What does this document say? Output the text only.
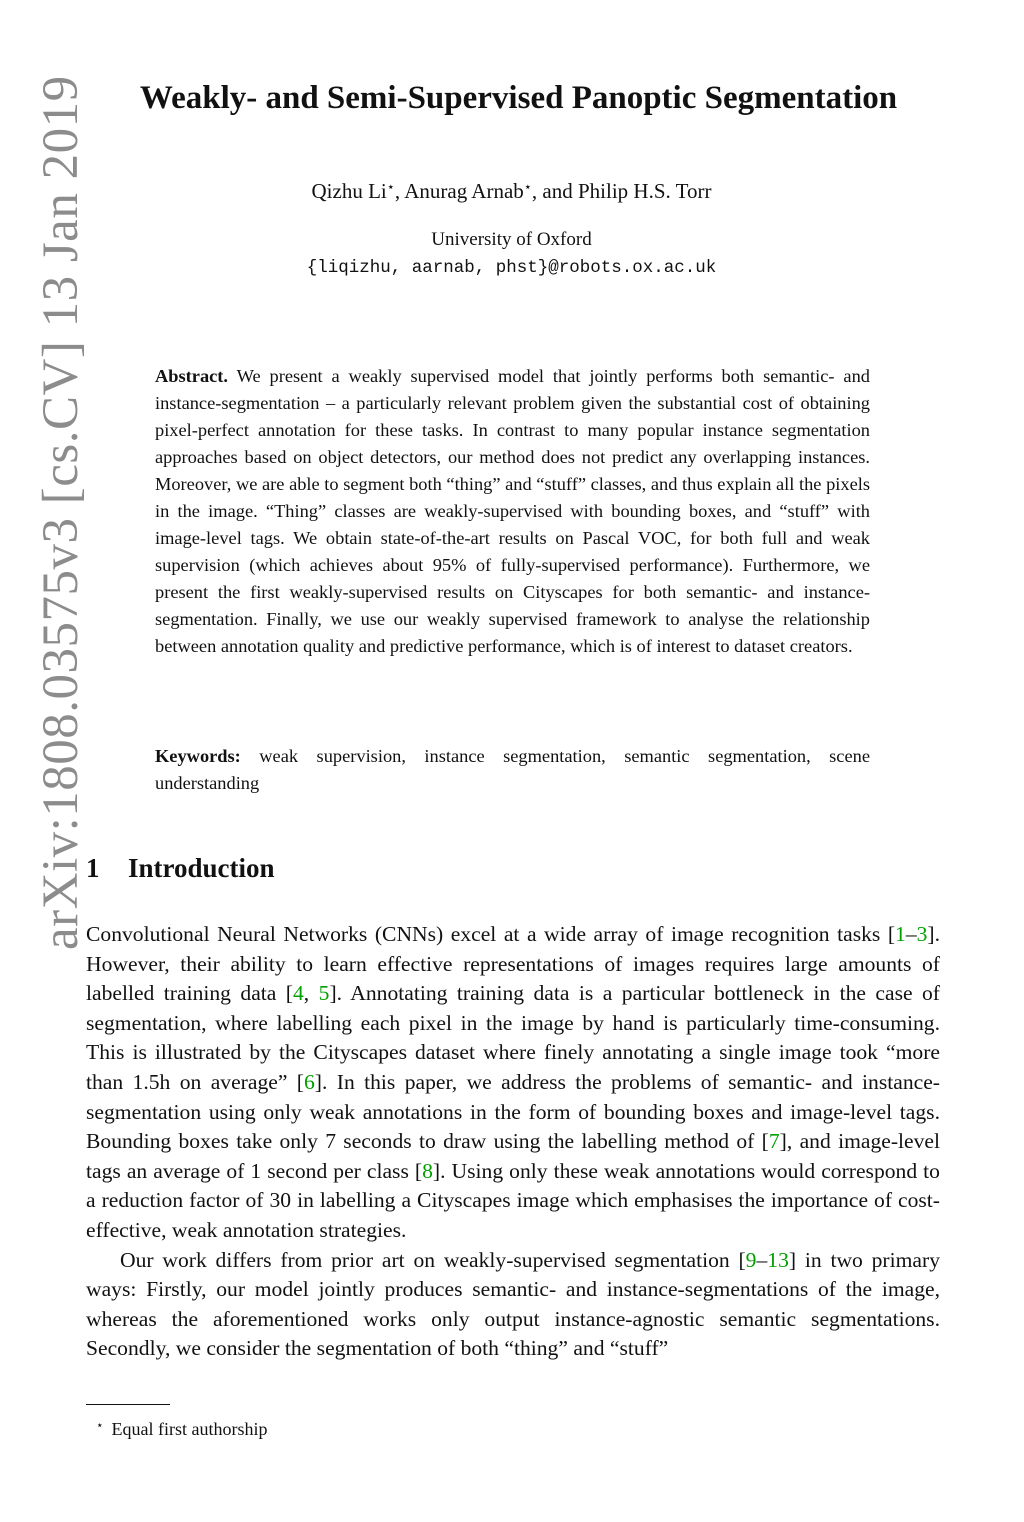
arXiv:1808.03575v3 [cs.CV] 13 Jan 2019	Weakly- and Semi-Supervised Panoptic Segmentation
Qizhu Li⋆, Anurag Arnab⋆, and Philip H.S. Torr
University of Oxford
{liqizhu, aarnab, phst}@robots.ox.ac.uk

Abstract. We present a weakly supervised model that jointly performs both semantic- and instance-segmentation – a particularly relevant problem given the substantial cost of obtaining pixel-perfect annotation for these tasks. In contrast to many popular instance segmentation approaches based on object detectors, our method does not predict any overlapping instances. Moreover, we are able to segment both “thing” and “stuff” classes, and thus explain all the pixels in the image. “Thing” classes are weakly-supervised with bounding boxes, and “stuff” with image-level tags. We obtain state-of-the-art results on Pascal VOC, for both full and weak supervision (which achieves about 95% of fully-supervised performance). Furthermore, we present the first weakly-supervised results on Cityscapes for both semantic- and instance-segmentation. Finally, we use our weakly supervised framework to analyse the relationship between annotation quality and predictive performance, which is of interest to dataset creators.

Keywords: weak supervision, instance segmentation, semantic segmentation, scene understanding

1 Introduction

Convolutional Neural Networks (CNNs) excel at a wide array of image recognition tasks [1–3]. However, their ability to learn effective representations of images requires large amounts of labelled training data [4, 5]. Annotating training data is a particular bottleneck in the case of segmentation, where labelling each pixel in the image by hand is particularly time-consuming. This is illustrated by the Cityscapes dataset where finely annotating a single image took “more than 1.5h on average” [6]. In this paper, we address the problems of semantic- and instance-segmentation using only weak annotations in the form of bounding boxes and image-level tags. Bounding boxes take only 7 seconds to draw using the labelling method of [7], and image-level tags an average of 1 second per class [8]. Using only these weak annotations would correspond to a reduction factor of 30 in labelling a Cityscapes image which emphasises the importance of cost-effective, weak annotation strategies.

Our work differs from prior art on weakly-supervised segmentation [9–13] in two primary ways: Firstly, our model jointly produces semantic- and instance-segmentations of the image, whereas the aforementioned works only output instance-agnostic semantic segmentations. Secondly, we consider the segmentation of both “thing” and “stuff”

⋆ Equal first authorship
